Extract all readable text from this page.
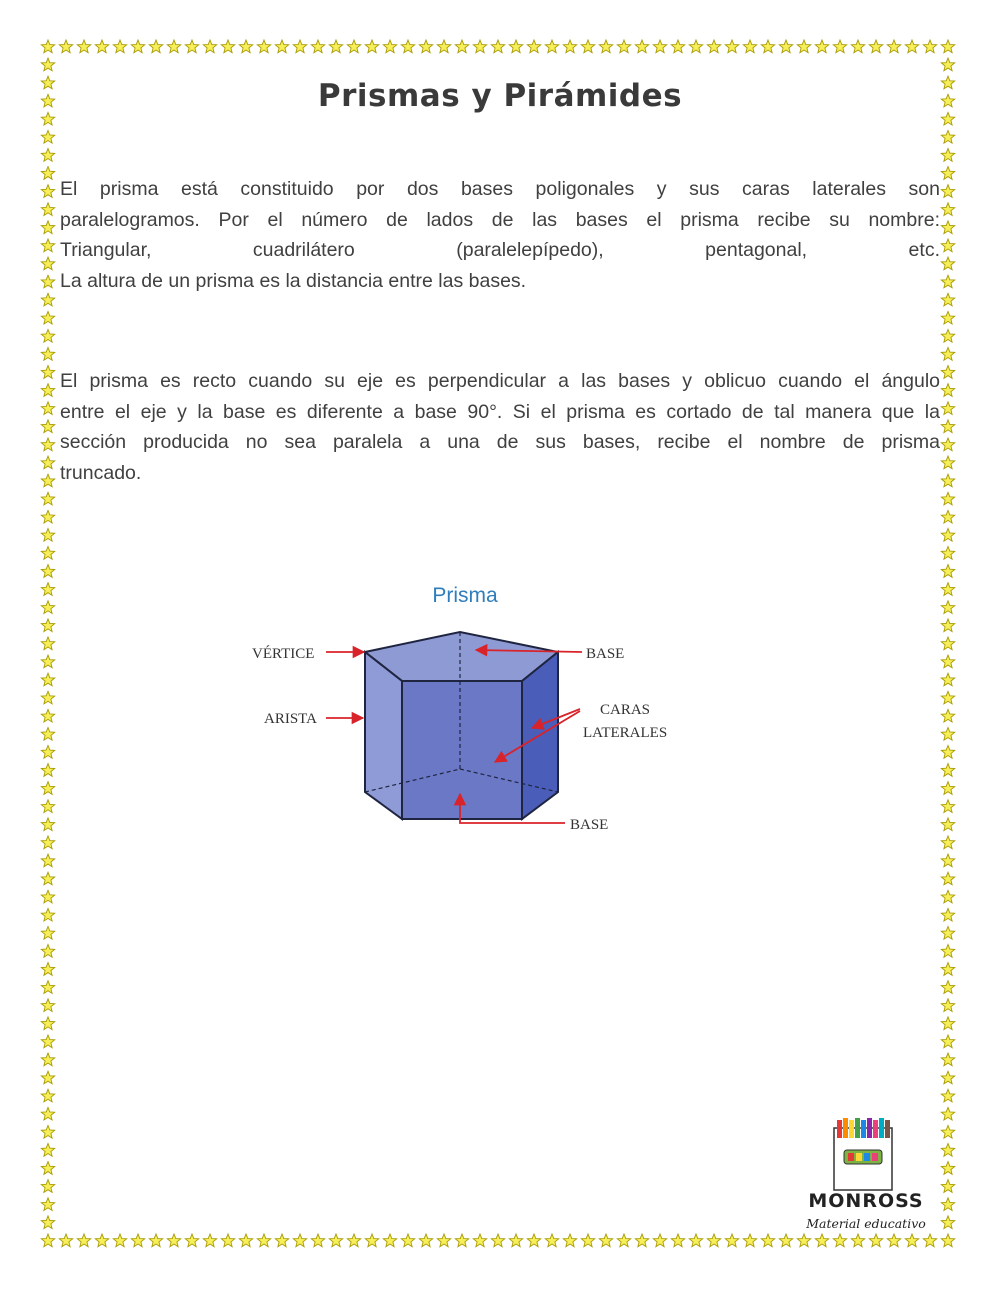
Prismas y Pirámides
El prisma está constituido por dos bases poligonales y sus caras laterales son
paralelogramos. Por el número de lados de las bases el prisma recibe su nombre:
Triangular, cuadrilátero (paralelepípedo), pentagonal, etc.
La altura de un prisma es la distancia entre las bases.
El prisma es recto cuando su eje es perpendicular a las bases y oblicuo cuando el ángulo
entre el eje y la base es diferente a base 90°. Si el prisma es cortado de tal manera que la
sección producida no sea paralela a una de sus bases, recibe el nombre de prisma
truncado.
Prisma
VÉRTICE
ARISTA
BASE
CARAS LATERALES
BASE
MONROSS
Material educativo
